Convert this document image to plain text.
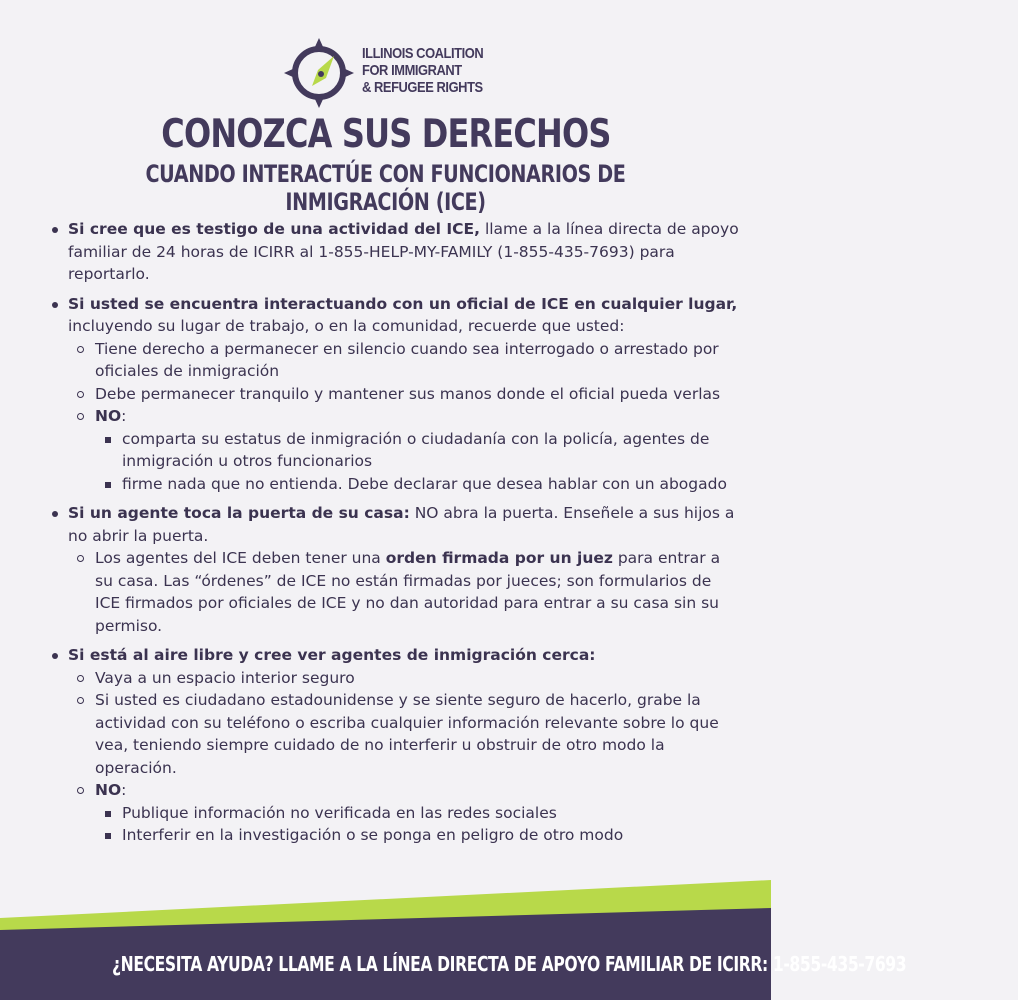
ILLINOIS COALITION
FOR IMMIGRANT
& REFUGEE RIGHTS
CONOZCA SUS DERECHOS
CUANDO INTERACTÚE CON FUNCIONARIOS DE INMIGRACIÓN (ICE)
Si cree que es testigo de una actividad del ICE, llame a la línea directa de apoyo familiar de 24 horas de ICIRR al 1-855-HELP-MY-FAMILY (1-855-435-7693) para reportarlo.
Si usted se encuentra interactuando con un oficial de ICE en cualquier lugar, incluyendo su lugar de trabajo, o en la comunidad, recuerde que usted:
Tiene derecho a permanecer en silencio cuando sea interrogado o arrestado por oficiales de inmigración
Debe permanecer tranquilo y mantener sus manos donde el oficial pueda verlas
NO:
comparta su estatus de inmigración o ciudadanía con la policía, agentes de inmigración u otros funcionarios
firme nada que no entienda. Debe declarar que desea hablar con un abogado
Si un agente toca la puerta de su casa: NO abra la puerta. Enseñele a sus hijos a no abrir la puerta.
Los agentes del ICE deben tener una orden firmada por un juez para entrar a su casa. Las “órdenes” de ICE no están firmadas por jueces; son formularios de ICE firmados por oficiales de ICE y no dan autoridad para entrar a su casa sin su permiso.
Si está al aire libre y cree ver agentes de inmigración cerca:
Vaya a un espacio interior seguro
Si usted es ciudadano estadounidense y se siente seguro de hacerlo, grabe la actividad con su teléfono o escriba cualquier información relevante sobre lo que vea, teniendo siempre cuidado de no interferir u obstruir de otro modo la operación.
NO:
Publique información no verificada en las redes sociales
Interferir en la investigación o se ponga en peligro de otro modo
¿NECESITA AYUDA? LLAME A LA LÍNEA DIRECTA DE APOYO FAMILIAR DE ICIRR: 1-855-435-7693
